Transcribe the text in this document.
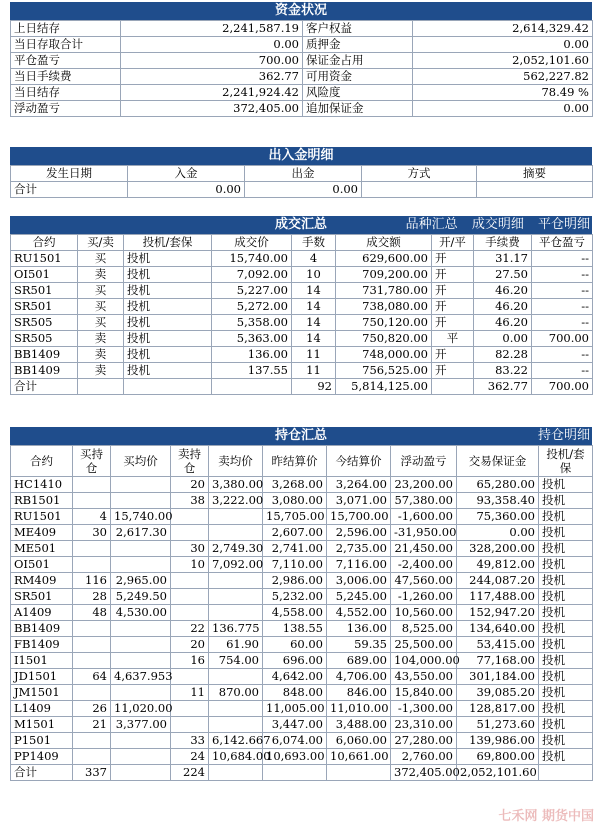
资金状况
上日结存	2,241,587.19	客户权益	2,614,329.42
当日存取合计	0.00	质押金	0.00
平仓盈亏	700.00	保证金占用	2,052,101.60
当日手续费	362.77	可用资金	562,227.82
当日结存	2,241,924.42	风险度	78.49 %
浮动盈亏	372,405.00	追加保证金	0.00
出入金明细
发生日期	入金	出金	方式	摘要
合计	0.00	0.00		
成交汇总	品种汇总 成交明细 平仓明细
合约	买/卖	投机/套保	成交价	手数	成交额	开/平	手续费	平仓盈亏
RU1501	买	投机	15,740.00	4	629,600.00	开	31.17	--
OI501	卖	投机	7,092.00	10	709,200.00	开	27.50	--
SR501	买	投机	5,227.00	14	731,780.00	开	46.20	--
SR501	买	投机	5,272.00	14	738,080.00	开	46.20	--
SR505	买	投机	5,358.00	14	750,120.00	开	46.20	--
SR505	卖	投机	5,363.00	14	750,820.00	平	0.00	700.00
BB1409	卖	投机	136.00	11	748,000.00	开	82.28	--
BB1409	卖	投机	137.55	11	756,525.00	开	83.22	--
合计				92	5,814,125.00		362.77	700.00
持仓汇总	持仓明细
合约	买持仓	买均价	卖持仓	卖均价	昨结算价	今结算价	浮动盈亏	交易保证金	投机/套保
HC1410			20	3,380.00	3,268.00	3,264.00	23,200.00	65,280.00	投机
RB1501			38	3,222.00	3,080.00	3,071.00	57,380.00	93,358.40	投机
RU1501	4	15,740.00			15,705.00	15,700.00	-1,600.00	75,360.00	投机
ME409	30	2,617.30			2,607.00	2,596.00	-31,950.00	0.00	投机
ME501			30	2,749.30	2,741.00	2,735.00	21,450.00	328,200.00	投机
OI501			10	7,092.00	7,110.00	7,116.00	-2,400.00	49,812.00	投机
RM409	116	2,965.00			2,986.00	3,006.00	47,560.00	244,087.20	投机
SR501	28	5,249.50			5,232.00	5,245.00	-1,260.00	117,488.00	投机
A1409	48	4,530.00			4,558.00	4,552.00	10,560.00	152,947.20	投机
BB1409			22	136.775	138.55	136.00	8,525.00	134,640.00	投机
FB1409			20	61.90	60.00	59.35	25,500.00	53,415.00	投机
I1501			16	754.00	696.00	689.00	104,000.00	77,168.00	投机
JD1501	64	4,637.953			4,642.00	4,706.00	43,550.00	301,184.00	投机
JM1501			11	870.00	848.00	846.00	15,840.00	39,085.20	投机
L1409	26	11,020.00			11,005.00	11,010.00	-1,300.00	128,817.00	投机
M1501	21	3,377.00			3,447.00	3,488.00	23,310.00	51,273.60	投机
P1501			33	6,142.667	6,074.00	6,060.00	27,280.00	139,986.00	投机
PP1409			24	10,684.00	10,693.00	10,661.00	2,760.00	69,800.00	投机
合计	337		224				372,405.00	2,052,101.60	
七禾网 期货中国
